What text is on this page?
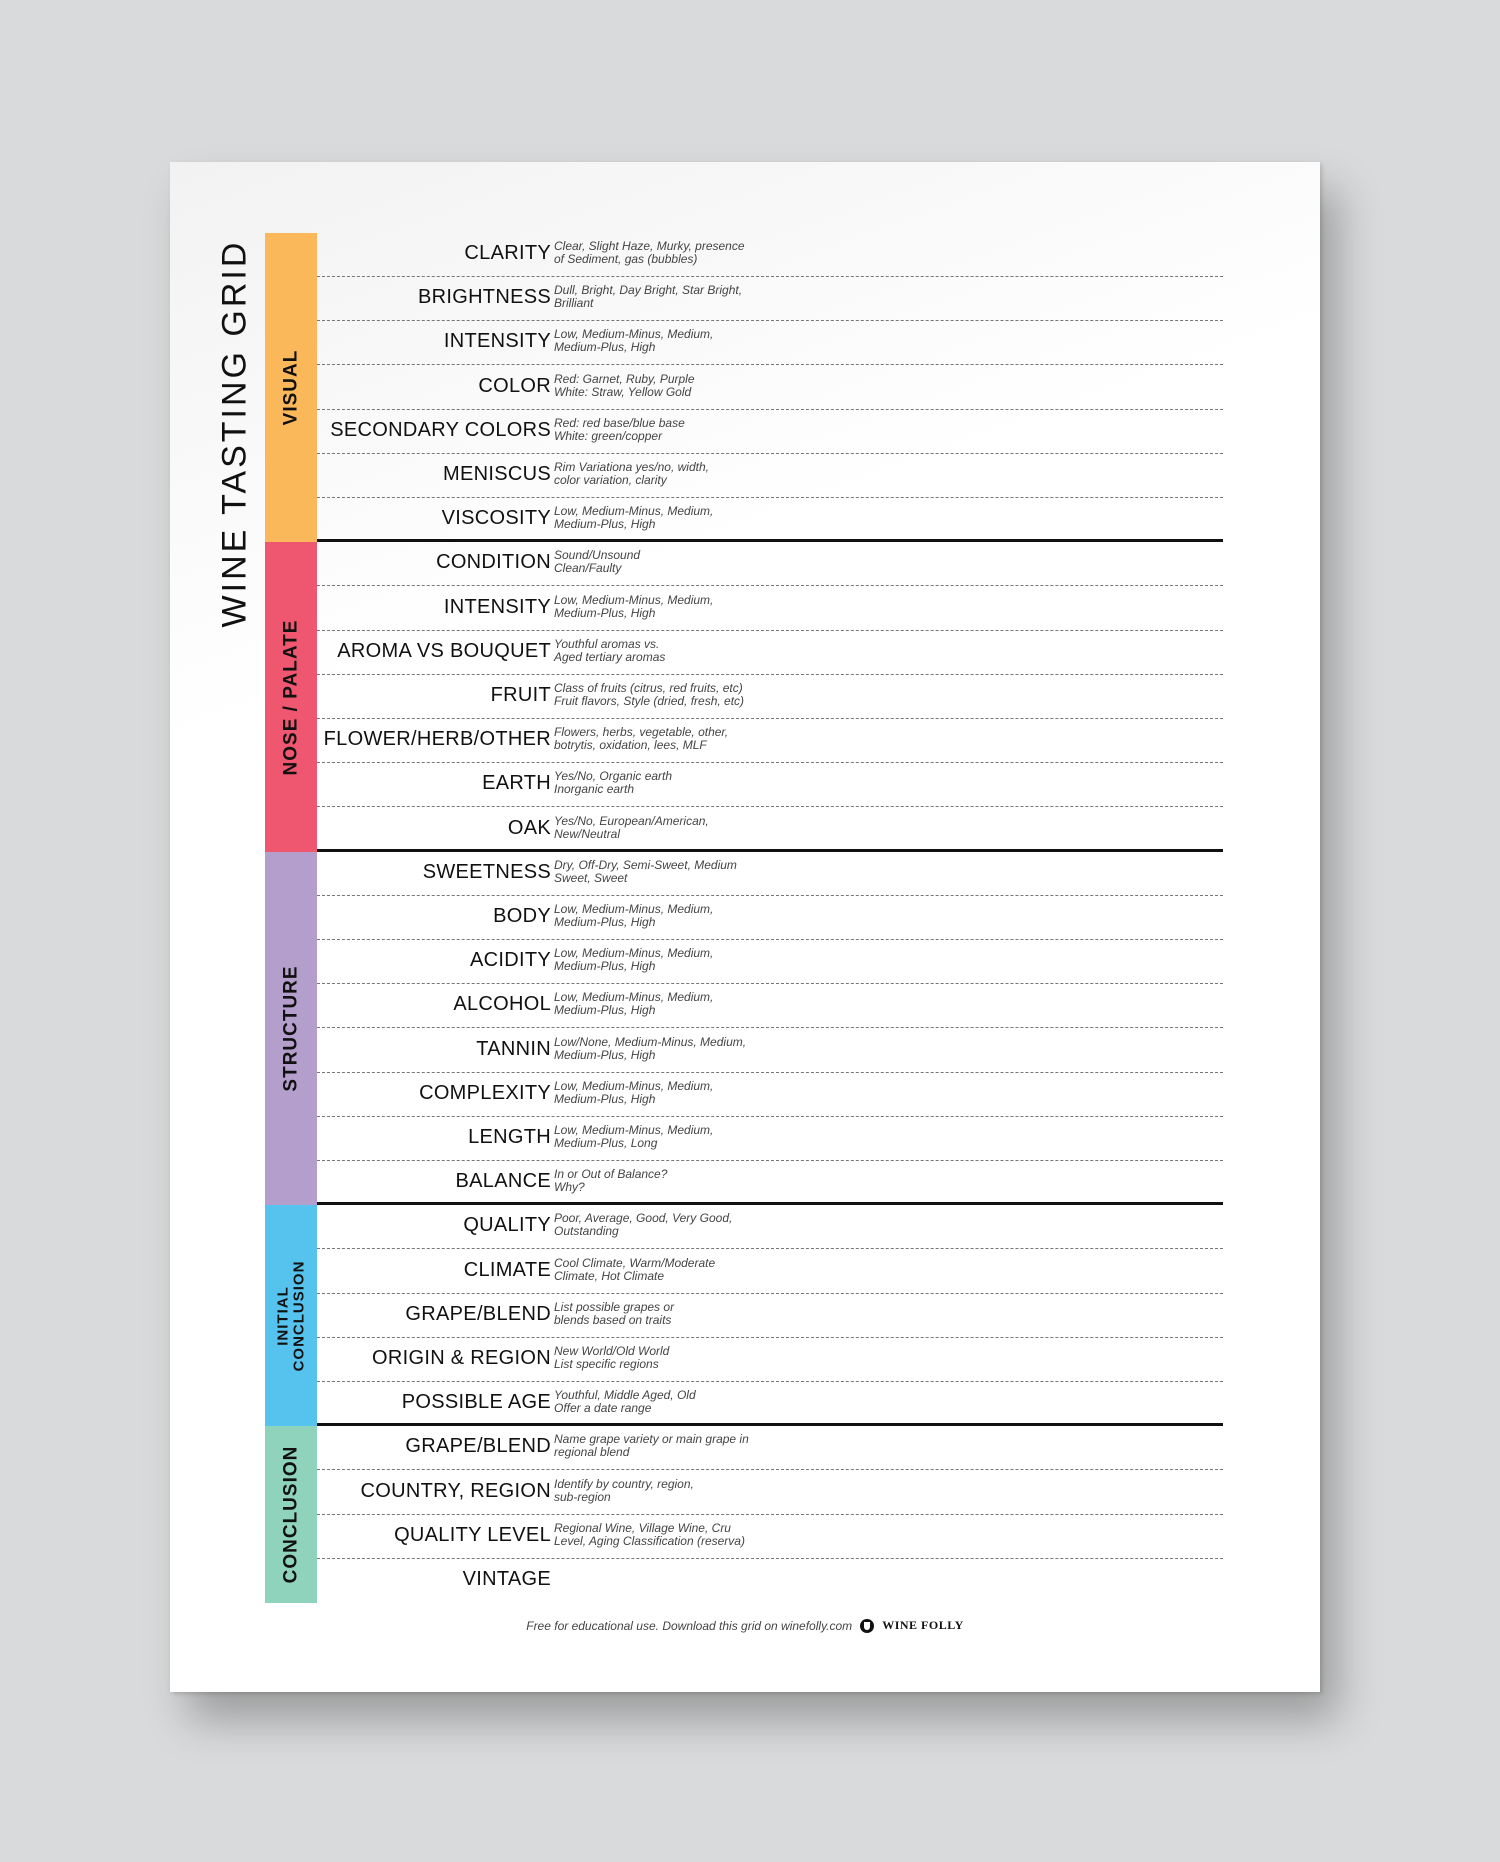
WINE TASTING GRID VISUAL
CLARITY Clear, Slight Haze, Murky, presence
of Sediment, gas (bubbles)
BRIGHTNESS Dull, Bright, Day Bright, Star Bright,
Brilliant
INTENSITY Low, Medium-Minus, Medium,
Medium-Plus, High
COLOR Red: Garnet, Ruby, Purple
White: Straw, Yellow Gold
SECONDARY COLORS Red: red base/blue base
White: green/copper
MENISCUS Rim Variationa yes/no, width,
color variation, clarity
VISCOSITY Low, Medium-Minus, Medium,
Medium-Plus, High
NOSE / PALATE
CONDITION Sound/Unsound
Clean/Faulty
INTENSITY Low, Medium-Minus, Medium,
Medium-Plus, High
AROMA VS BOUQUET Youthful aromas vs.
Aged tertiary aromas
FRUIT Class of fruits (citrus, red fruits, etc)
Fruit flavors, Style (dried, fresh, etc)
FLOWER/HERB/OTHER Flowers, herbs, vegetable, other,
botrytis, oxidation, lees, MLF
EARTH Yes/No, Organic earth
Inorganic earth
OAK Yes/No, European/American,
New/Neutral
STRUCTURE
SWEETNESS Dry, Off-Dry, Semi-Sweet, Medium
Sweet, Sweet
BODY Low, Medium-Minus, Medium,
Medium-Plus, High
ACIDITY Low, Medium-Minus, Medium,
Medium-Plus, High
ALCOHOL Low, Medium-Minus, Medium,
Medium-Plus, High
TANNIN Low/None, Medium-Minus, Medium,
Medium-Plus, High
COMPLEXITY Low, Medium-Minus, Medium,
Medium-Plus, High
LENGTH Low, Medium-Minus, Medium,
Medium-Plus, Long
BALANCE In or Out of Balance?
Why?
INITIAL
CONCLUSION
QUALITY Poor, Average, Good, Very Good,
Outstanding
CLIMATE Cool Climate, Warm/Moderate
Climate, Hot Climate
GRAPE/BLEND List possible grapes or
blends based on traits
ORIGIN & REGION New World/Old World
List specific regions
POSSIBLE AGE Youthful, Middle Aged, Old
Offer a date range
CONCLUSION	GRAPE/BLEND Name grape variety or main grape in
regional blend
COUNTRY, REGION Identify by country, region,
sub-region
QUALITY LEVEL Regional Wine, Village Wine, Cru
Level, Aging Classification (reserva)
VINTAGE
Free for educational use. Download this grid on winefolly.com	WINE FOLLY
